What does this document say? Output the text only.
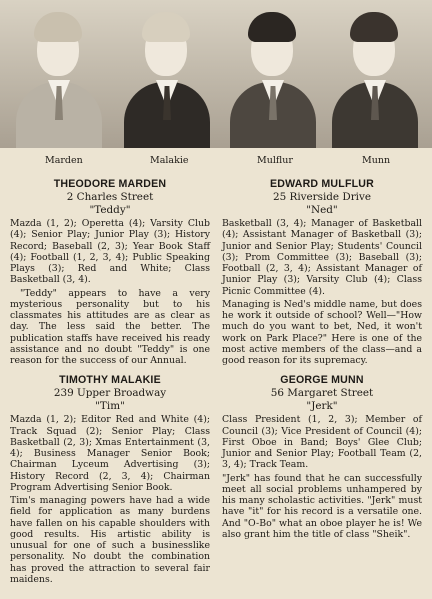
Marden	Malakie	Mulflur	Munn
THEODORE MARDEN
2 Charles Street
"Teddy"

Mazda (1, 2); Operetta (4); Varsity Club (4); Senior Play; Junior Play (3); History Record; Baseball (2, 3); Year Book Staff (4); Football (1, 2, 3, 4); Public Speaking Plays (3); Red and White; Class Basketball (3, 4).

"Teddy" appears to have a very mysterious personality but to his classmates his attitudes are as clear as day. The less said the better. The publication staffs have received his ready assistance and no doubt "Teddy" is one reason for the success of our Annual.

TIMOTHY MALAKIE
239 Upper Broadway
"Tim"

Mazda (1, 2); Editor Red and White (4); Track Squad (2); Senior Play; Class Basketball (2, 3); Xmas Entertainment (3, 4); Business Manager Senior Book; Chairman Lyceum Advertising (3); History Record (2, 3, 4); Chairman Program Advertising Senior Book.

Tim's managing powers have had a wide field for application as many burdens have fallen on his capable shoulders with good results. His artistic ability is unusual for one of such a businesslike personality. No doubt the combination has proved the attraction to several fair maidens.

EDWARD MULFLUR
25 Riverside Drive
"Ned"

Basketball (3, 4); Manager of Basketball (4); Assistant Manager of Basketball (3); Junior and Senior Play; Students' Council (3); Prom Committee (3); Baseball (3); Football (2, 3, 4); Assistant Manager of Junior Play (3); Varsity Club (4); Class Picnic Committee (4).

Managing is Ned's middle name, but does he work it outside of school? Well—"How much do you want to bet, Ned, it won't work on Park Place?" Here is one of the most active members of the class—and a good reason for its supremacy.

GEORGE MUNN
56 Margaret Street
"Jerk"

Class President (1, 2, 3); Member of Council (3); Vice President of Council (4); First Oboe in Band; Boys' Glee Club; Junior and Senior Play; Football Team (2, 3, 4); Track Team.

"Jerk" has found that he can successfully meet all social problems unhampered by his many scholastic activities. "Jerk" must have "it" for his record is a versatile one. And "O-Bo" what an oboe player he is! We also grant him the title of class "Sheik".
